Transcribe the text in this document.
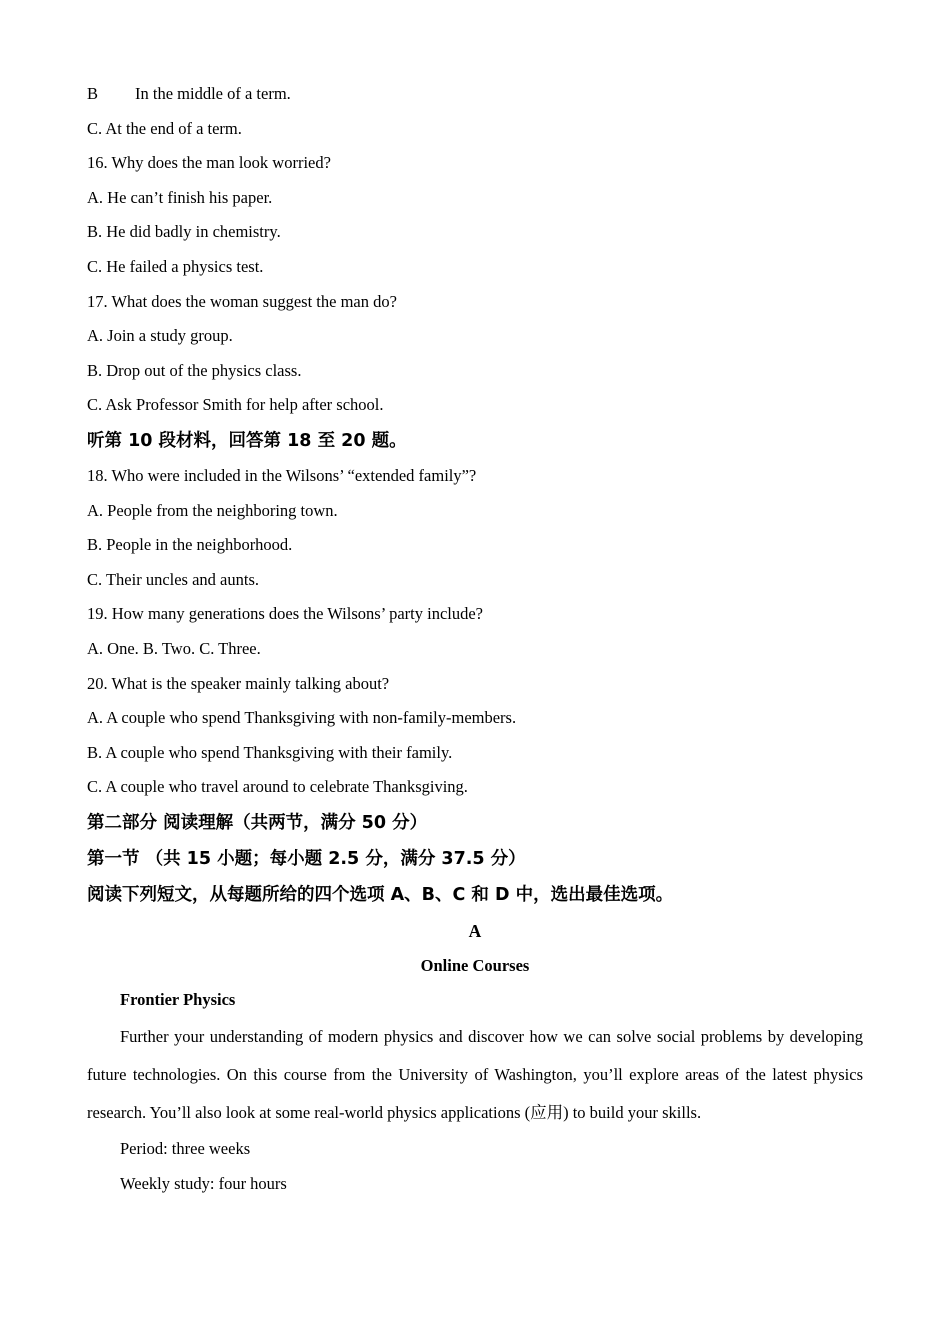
B In the middle of a term.
C. At the end of a term.
16. Why does the man look worried?
A. He can’t finish his paper.
B. He did badly in chemistry.
C. He failed a physics test.
17. What does the woman suggest the man do?
A. Join a study group.
B. Drop out of the physics class.
C. Ask Professor Smith for help after school.
听第 10 段材料，回答第 18 至 20 题。
18. Who were included in the Wilsons’ “extended family”?
A. People from the neighboring town.
B. People in the neighborhood.
C. Their uncles and aunts.
19. How many generations does the Wilsons’ party include?
A. One. B. Two. C. Three.
20. What is the speaker mainly talking about?
A. A couple who spend Thanksgiving with non-family-members.
B. A couple who spend Thanksgiving with their family.
C. A couple who travel around to celebrate Thanksgiving.
第二部分 阅读理解（共两节，满分 50 分）
第一节 （共 15 小题；每小题 2.5 分，满分 37.5 分）
阅读下列短文，从每题所给的四个选项 A、B、C 和 D 中，选出最佳选项。
A
Online Courses
Frontier Physics
Further your understanding of modern physics and discover how we can solve social problems by developing future technologies. On this course from the University of Washington, you’ll explore areas of the latest physics research. You’ll also look at some real-world physics applications (应用) to build your skills.
Period: three weeks
Weekly study: four hours
